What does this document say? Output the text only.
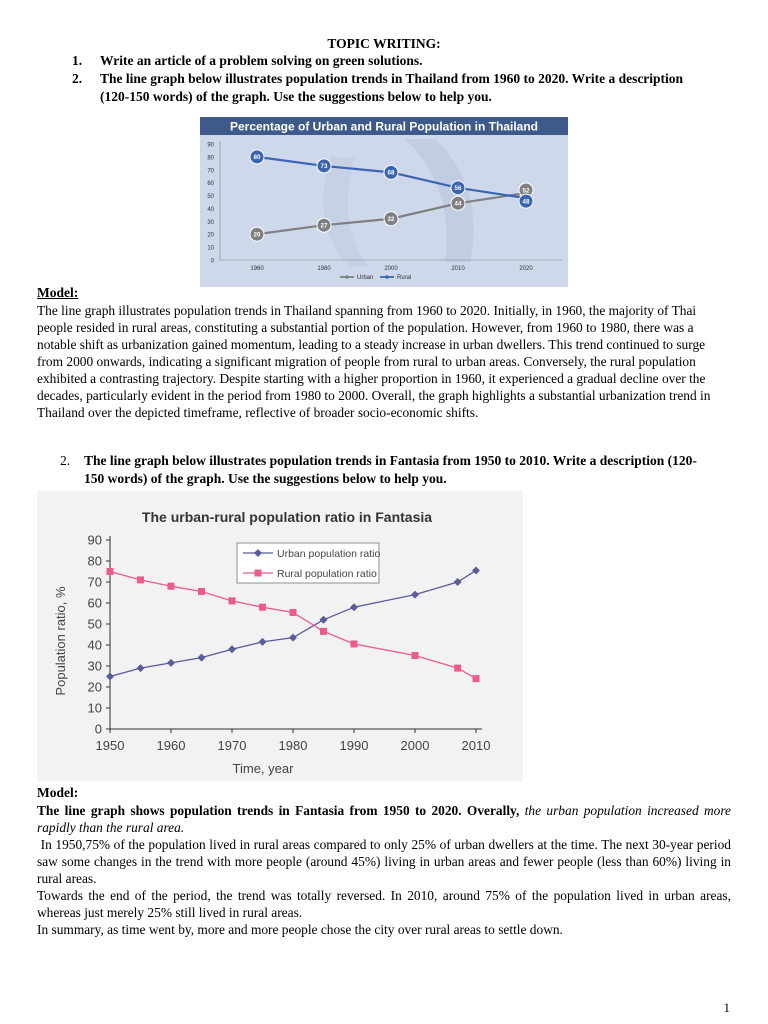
TOPIC WRITING:
1.	Write an article of a problem solving on green solutions.
2.	The line graph below illustrates population trends in Thailand from 1960 to 2020. Write a description (120-150 words) of the graph. Use the suggestions below to help you.
Percentage of Urban and Rural Population in Thailand
0
10
20
30
40
50
60
70
80
90
1960	1980	2000	2010	2020
20
27
32
44
52
80
73
68
56
48
Urban	Rural
Model:
The line graph illustrates population trends in Thailand spanning from 1960 to 2020. Initially, in 1960, the majority of Thai people resided in rural areas, constituting a substantial portion of the population. However, from 1960 to 1980, there was a notable shift as urbanization gained momentum, leading to a steady increase in urban dwellers. This trend continued to surge from 2000 onwards, indicating a significant migration of people from rural to urban areas. Conversely, the rural population exhibited a contrasting trajectory. Despite starting with a higher proportion in 1960, it experienced a gradual decline over the decades, particularly evident in the period from 1980 to 2000. Overall, the graph highlights a substantial urbanization trend in Thailand over the depicted timeframe, reflective of broader socio-economic shifts.
2.	The line graph below illustrates population trends in Fantasia from 1950 to 2010. Write a description (120-150 words) of the graph. Use the suggestions below to help you.
The urban-rural population ratio in Fantasia
Time, year
Population ratio, %
0
10
20
30
40
50
60
70
80
90
1950 1960 1970 1980 1990 2000 2010
Urban population ratio
Rural population ratio
Model:
The line graph shows population trends in Fantasia from 1950 to 2020. Overally, the urban population increased more rapidly than the rural area.
In 1950,75% of the population lived in rural areas compared to only 25% of urban dwellers at the time. The next 30-year period saw some changes in the trend with more people (around 45%) living in urban areas and fewer people (less than 60%) living in rural areas.
Towards the end of the period, the trend was totally reversed. In 2010, around 75% of the population lived in urban areas, whereas just merely 25% still lived in rural areas.
In summary, as time went by, more and more people chose the city over rural areas to settle down.
1
